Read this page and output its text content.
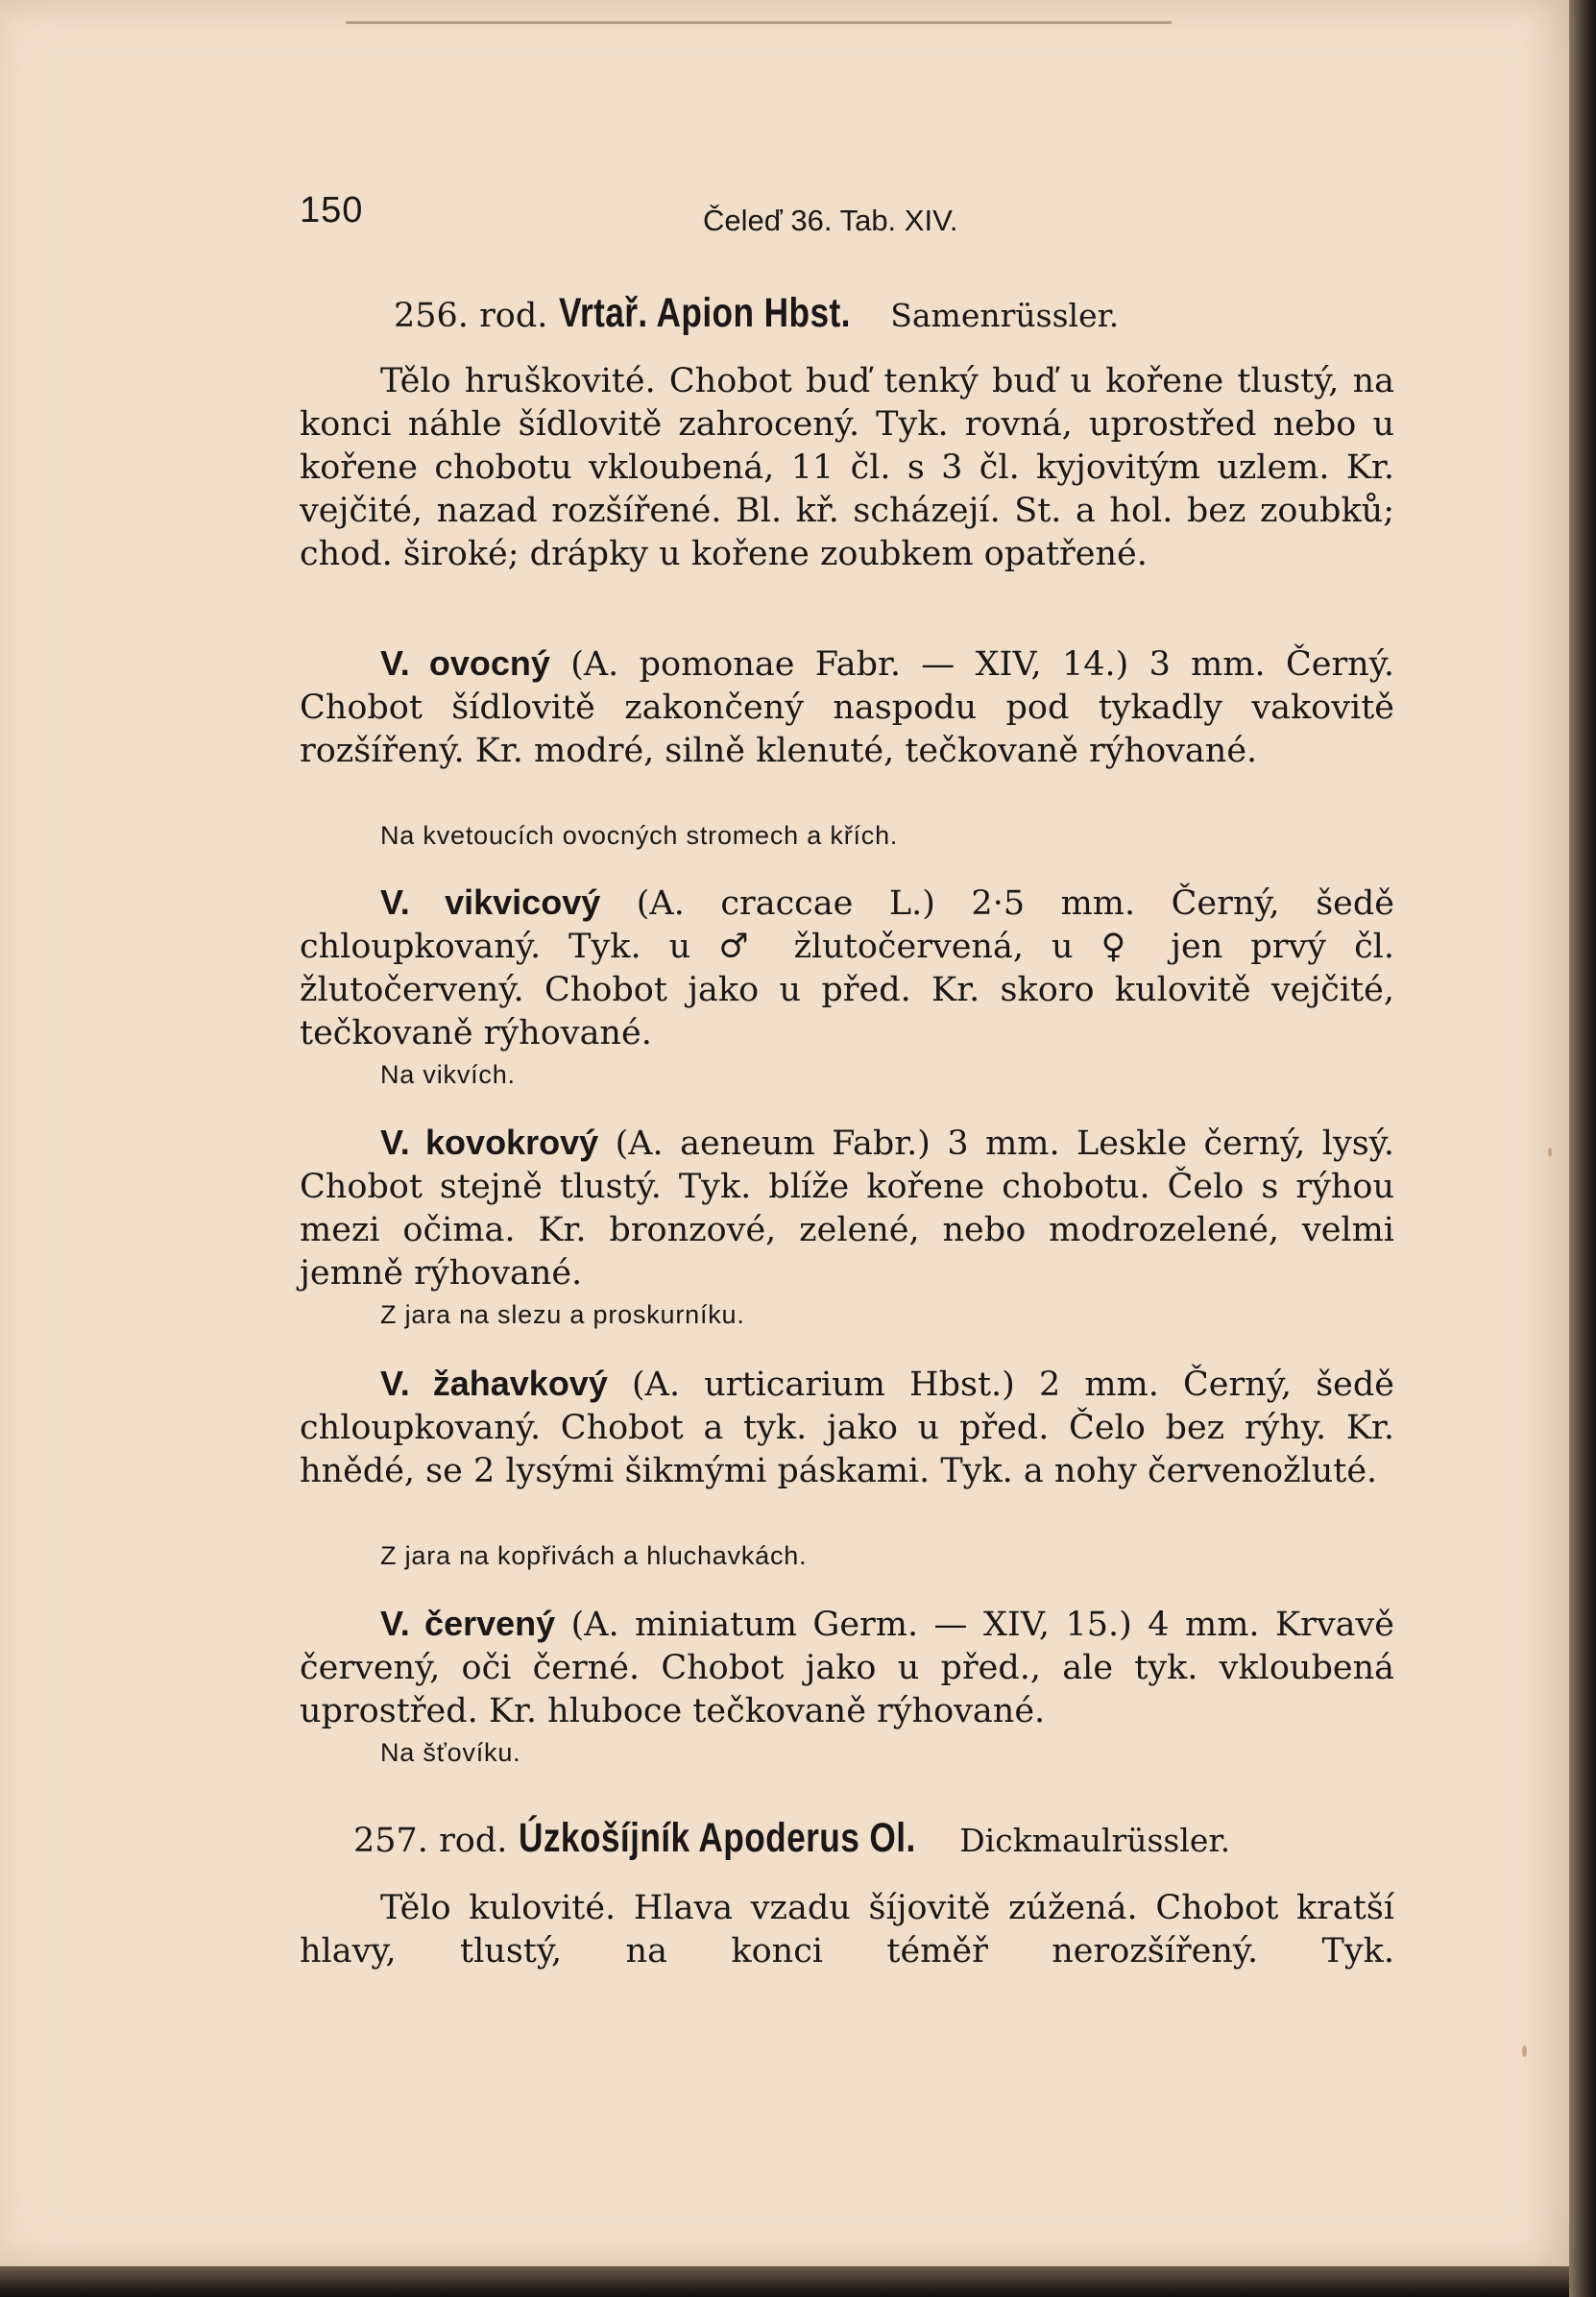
150	Čeleď 36. Tab. XIV.
256. rod. Vrtař. Apion Hbst. Samenrüssler.
Tělo hruškovité. Chobot buď tenký buď u kořene tlustý, na konci náhle šídlovitě zahrocený. Tyk. rovná, uprostřed nebo u kořene chobotu vkloubená, 11 čl. s 3 čl. kyjovitým uzlem. Kr. vejčité, nazad rozšířené. Bl. kř. scházejí. St. a hol. bez zoubků; chod. široké; drápky u kořene zoubkem opatřené.
V. ovocný (A. pomonae Fabr. — XIV, 14.) 3 mm. Černý. Chobot šídlovitě zakončený naspodu pod tykadly vakovitě rozšířený. Kr. modré, silně klenuté, tečkovaně rýhované.
Na kvetoucích ovocných stromech a křích.
V. vikvicový (A. craccae L.) 2·5 mm. Černý, šedě chloupkovaný. Tyk. u ♂ žlutočervená, u ♀ jen prvý čl. žlutočervený. Chobot jako u před. Kr. skoro kulovitě vejčité, tečkovaně rýhované.
Na vikvích.
V. kovokrový (A. aeneum Fabr.) 3 mm. Leskle černý, lysý. Chobot stejně tlustý. Tyk. blíže kořene chobotu. Čelo s rýhou mezi očima. Kr. bronzové, zelené, nebo modrozelené, velmi jemně rýhované.
Z jara na slezu a proskurníku.
V. žahavkový (A. urticarium Hbst.) 2 mm. Černý, šedě chloupkovaný. Chobot a tyk. jako u před. Čelo bez rýhy. Kr. hnědé, se 2 lysými šikmými páskami. Tyk. a nohy červenožluté.
Z jara na kopřivách a hluchavkách.
V. červený (A. miniatum Germ. — XIV, 15.) 4 mm. Krvavě červený, oči černé. Chobot jako u před., ale tyk. vkloubená uprostřed. Kr. hluboce tečkovaně rýhované.
Na šťovíku.
257. rod. Úzkošíjník Apoderus Ol. Dickmaulrüssler.
Tělo kulovité. Hlava vzadu šíjovitě zúžená. Chobot kratší hlavy, tlustý, na konci téměř nerozšířený. Tyk.
